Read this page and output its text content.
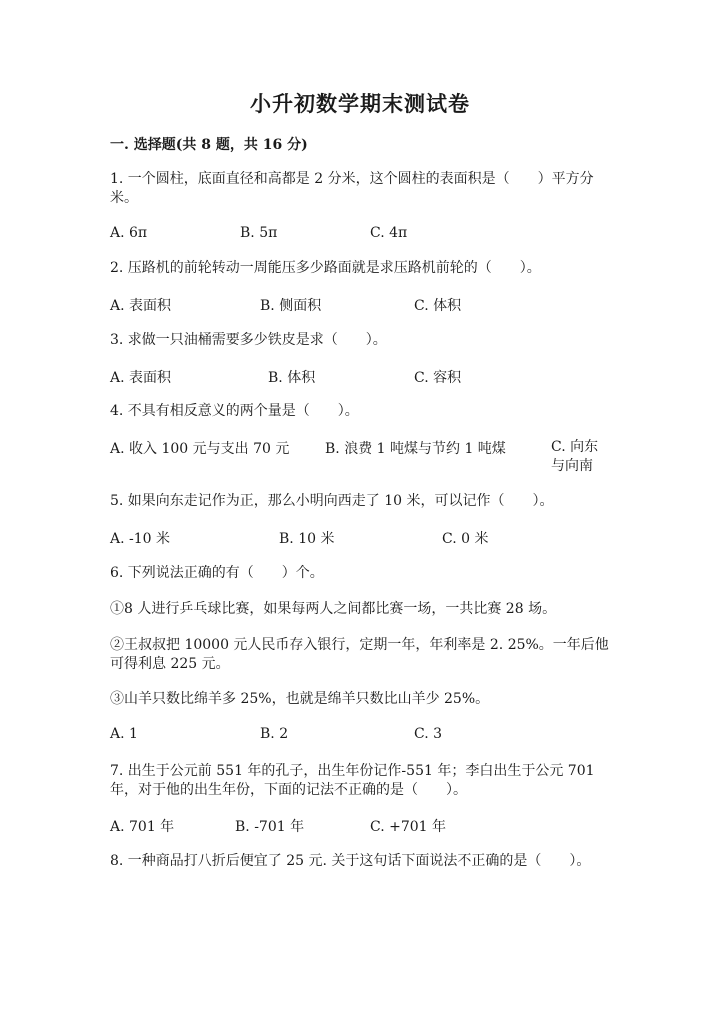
小升初数学期末测试卷
一. 选择题(共 8 题，共 16 分)
1. 一个圆柱，底面直径和高都是 2 分米，这个圆柱的表面积是（　　）平方分米。
A. 6π	B. 5π	C. 4π
2. 压路机的前轮转动一周能压多少路面就是求压路机前轮的（　　）。
A. 表面积	B. 侧面积	C. 体积
3. 求做一只油桶需要多少铁皮是求（　　）。
A. 表面积	B. 体积	C. 容积
4. 不具有相反意义的两个量是（　　）。
A. 收入 100 元与支出 70 元	B. 浪费 1 吨煤与节约 1 吨煤	C. 向东与向南
5. 如果向东走记作为正，那么小明向西走了 10 米，可以记作（　　）。
A. -10 米	B. 10 米	C. 0 米
6. 下列说法正确的有（　　）个。
①8 人进行乒乓球比赛，如果每两人之间都比赛一场，一共比赛 28 场。
②王叔叔把 10000 元人民币存入银行，定期一年，年利率是 2. 25%。一年后他可得利息 225 元。
③山羊只数比绵羊多 25%，也就是绵羊只数比山羊少 25%。
A. 1	B. 2	C. 3
7. 出生于公元前 551 年的孔子，出生年份记作-551 年；李白出生于公元 701 年，对于他的出生年份，下面的记法不正确的是（　　）。
A. 701 年	B. -701 年	C. +701 年
8. 一种商品打八折后便宜了 25 元. 关于这句话下面说法不正确的是（　　）。
